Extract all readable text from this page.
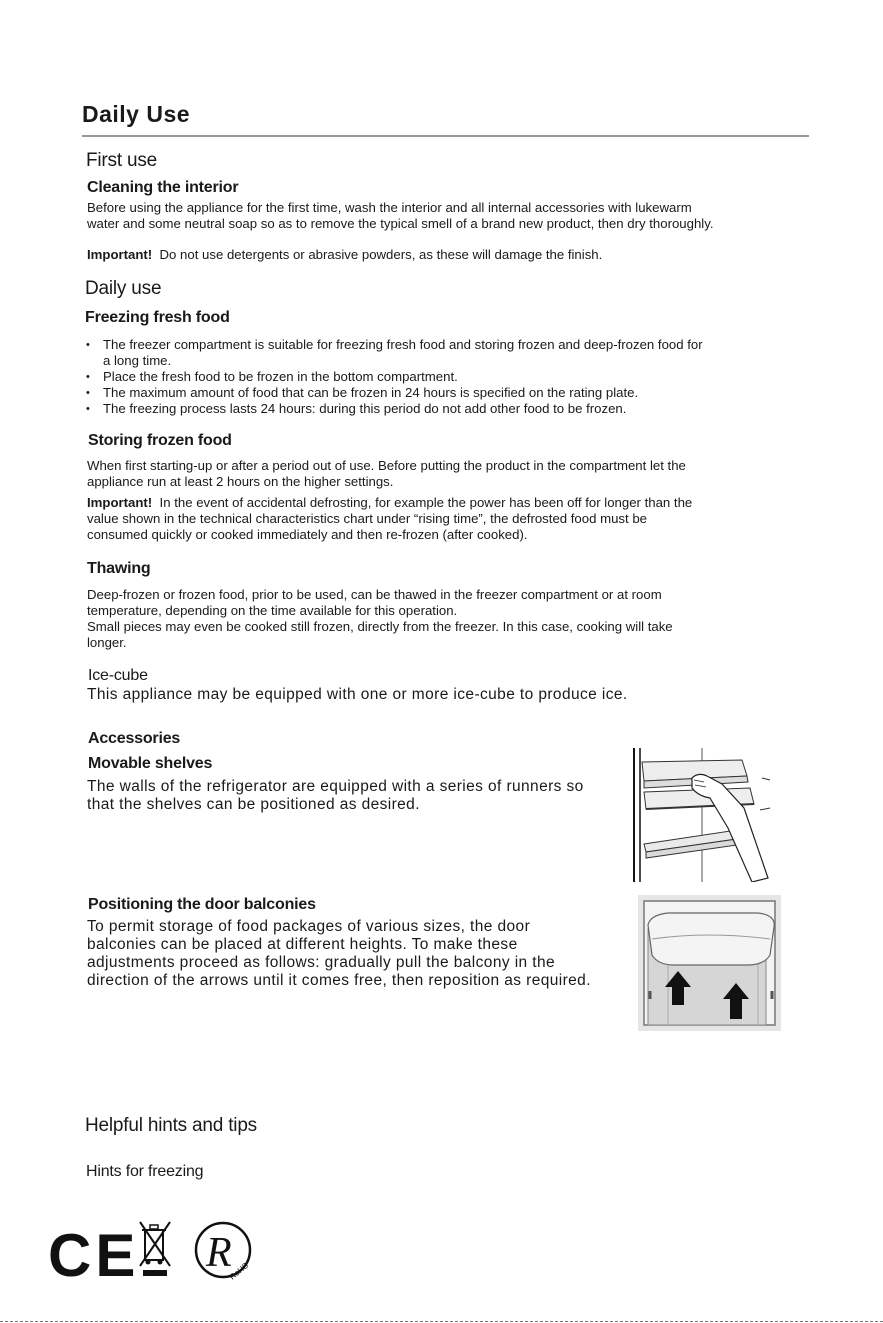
Daily Use
First use
Cleaning the interior

Before using the appliance for the first time, wash the interior and all internal accessories with lukewarm

water and some neutral soap so as to remove the typical smell of a brand new product, then dry thoroughly.

Important! Do not use detergents or abrasive powders, as these will damage the finish.

Daily use
Freezing fresh food
• The freezer compartment is suitable for freezing fresh food and storing frozen and deep-frozen food for
a long time.
• Place the fresh food to be frozen in the bottom compartment.
• The maximum amount of food that can be frozen in 24 hours is specified on the rating plate.
• The freezing process lasts 24 hours: during this period do not add other food to be frozen.
Storing frozen food

When first starting-up or after a period out of use. Before putting the product in the compartment let the

appliance run at least 2 hours on the higher settings.

Important! In the event of accidental defrosting, for example the power has been off for longer than the

value shown in the technical characteristics chart under “rising time”, the defrosted food must be

consumed quickly or cooked immediately and then re-frozen (after cooked).

Thawing

Deep-frozen or frozen food, prior to be used, can be thawed in the freezer compartment or at room

temperature, depending on the time available for this operation.

Small pieces may even be cooked still frozen, directly from the freezer. In this case, cooking will take

longer.

Ice-cube

This appliance may be equipped with one or more ice-cube to produce ice.

Accessories
Movable shelves

The walls of the refrigerator are equipped with a series of runners so

that the shelves can be positioned as desired.

Positioning the door balconies

To permit storage of food packages of various sizes, the door

balconies can be placed at different heights. To make these

adjustments proceed as follows: gradually pull the balcony in the

direction of the arrows until it comes free, then reposition as required.

Helpful hints and tips
Hints for freezing
CE R
RoHS
